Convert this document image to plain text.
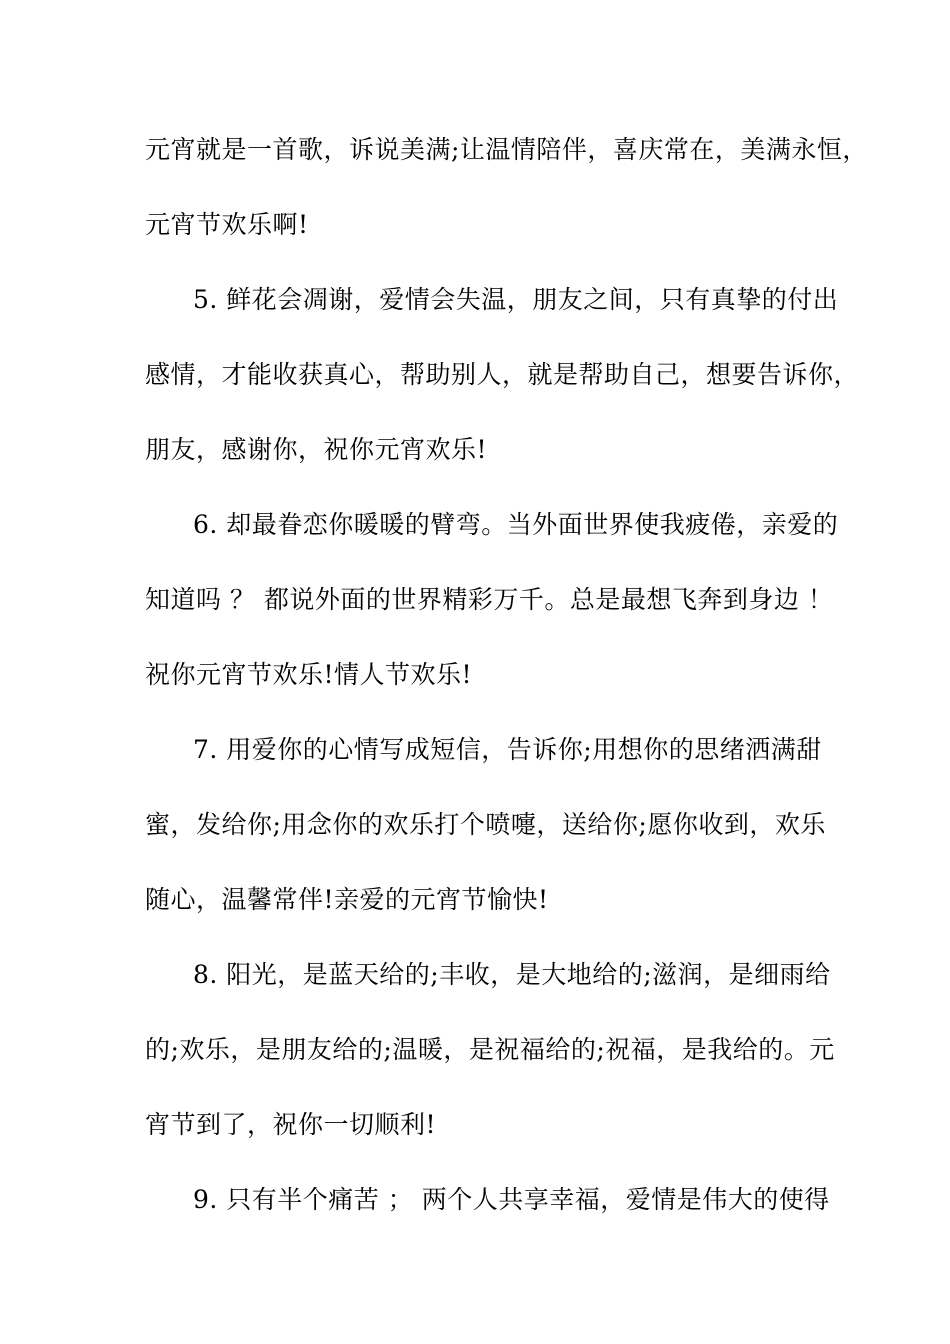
元宵就是一首歌，诉说美满;让温情陪伴，喜庆常在，美满永恒，
元宵节欢乐啊!
5. 鲜花会凋谢，爱情会失温，朋友之间，只有真挚的付出
感情，才能收获真心，帮助别人，就是帮助自己，想要告诉你，
朋友，感谢你，祝你元宵欢乐!
6. 却最眷恋你暖暖的臂弯。当外面世界使我疲倦，亲爱的
知道吗 ？ 都说外面的世界精彩万千。总是最想飞奔到身边 ！
祝你元宵节欢乐!情人节欢乐!
7. 用爱你的心情写成短信，告诉你;用想你的思绪洒满甜
蜜，发给你;用念你的欢乐打个喷嚏，送给你;愿你收到，欢乐
随心，温馨常伴!亲爱的元宵节愉快!
8. 阳光，是蓝天给的;丰收，是大地给的;滋润，是细雨给
的;欢乐，是朋友给的;温暖，是祝福给的;祝福，是我给的。元
宵节到了，祝你一切顺利!
9. 只有半个痛苦 ； 两个人共享幸福，爱情是伟大的使得
